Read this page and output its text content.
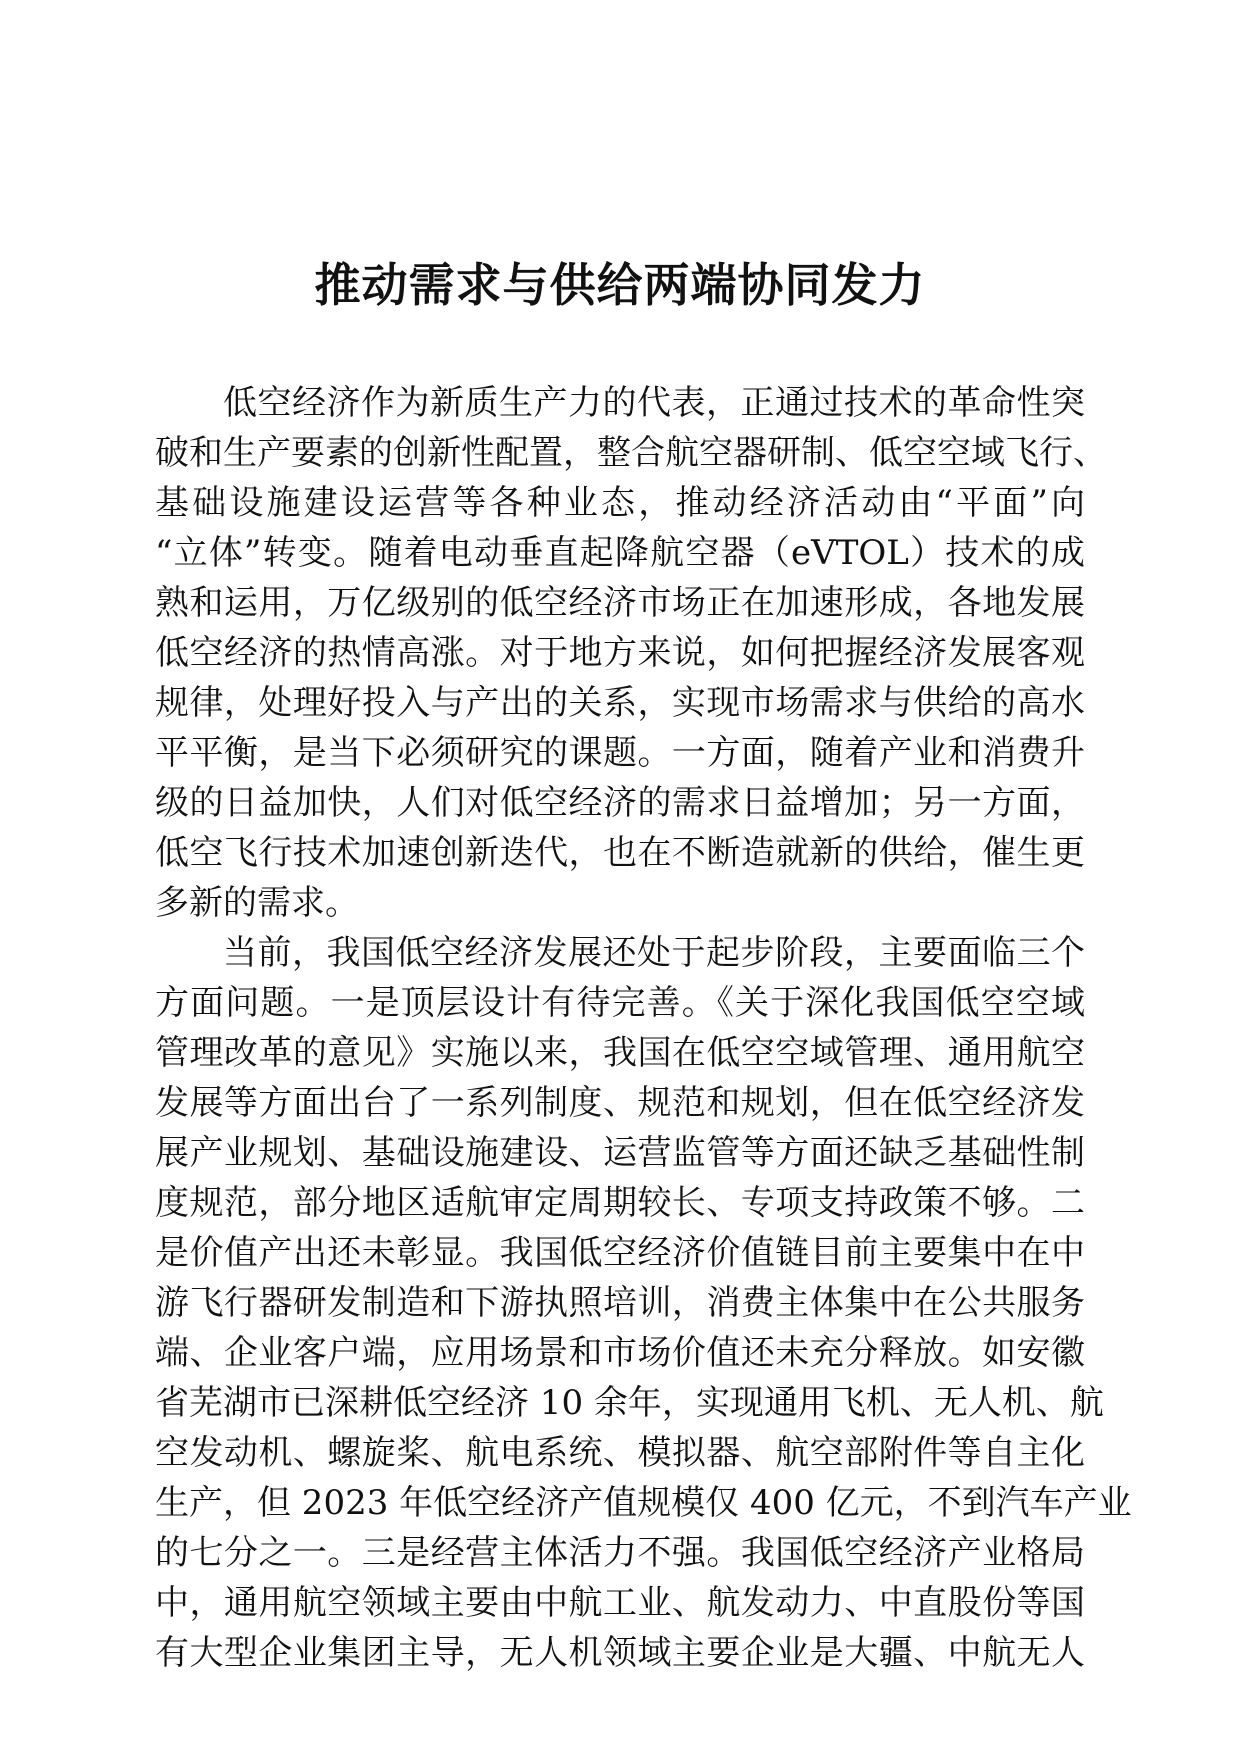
推动需求与供给两端协同发力

低空经济作为新质生产力的代表，正通过技术的革命性突
破和生产要素的创新性配置，整合航空器研制、低空空域飞行、
基础设施建设运营等各种业态，推动经济活动由“平面”向
“立体”转变。随着电动垂直起降航空器（eVTOL）技术的成
熟和运用，万亿级别的低空经济市场正在加速形成，各地发展
低空经济的热情高涨。对于地方来说，如何把握经济发展客观
规律，处理好投入与产出的关系，实现市场需求与供给的高水
平平衡，是当下必须研究的课题。一方面，随着产业和消费升
级的日益加快，人们对低空经济的需求日益增加；另一方面，
低空飞行技术加速创新迭代，也在不断造就新的供给，催生更
多新的需求。

当前，我国低空经济发展还处于起步阶段，主要面临三个
方面问题。一是顶层设计有待完善。《关于深化我国低空空域
管理改革的意见》实施以来，我国在低空空域管理、通用航空
发展等方面出台了一系列制度、规范和规划，但在低空经济发
展产业规划、基础设施建设、运营监管等方面还缺乏基础性制
度规范，部分地区适航审定周期较长、专项支持政策不够。二
是价值产出还未彰显。我国低空经济价值链目前主要集中在中
游飞行器研发制造和下游执照培训，消费主体集中在公共服务
端、企业客户端，应用场景和市场价值还未充分释放。如安徽
省芜湖市已深耕低空经济 10 余年，实现通用飞机、无人机、航
空发动机、螺旋桨、航电系统、模拟器、航空部附件等自主化
生产，但 2023 年低空经济产值规模仅 400 亿元，不到汽车产业
的七分之一。三是经营主体活力不强。我国低空经济产业格局
中，通用航空领域主要由中航工业、航发动力、中直股份等国
有大型企业集团主导，无人机领域主要企业是大疆、中航无人
